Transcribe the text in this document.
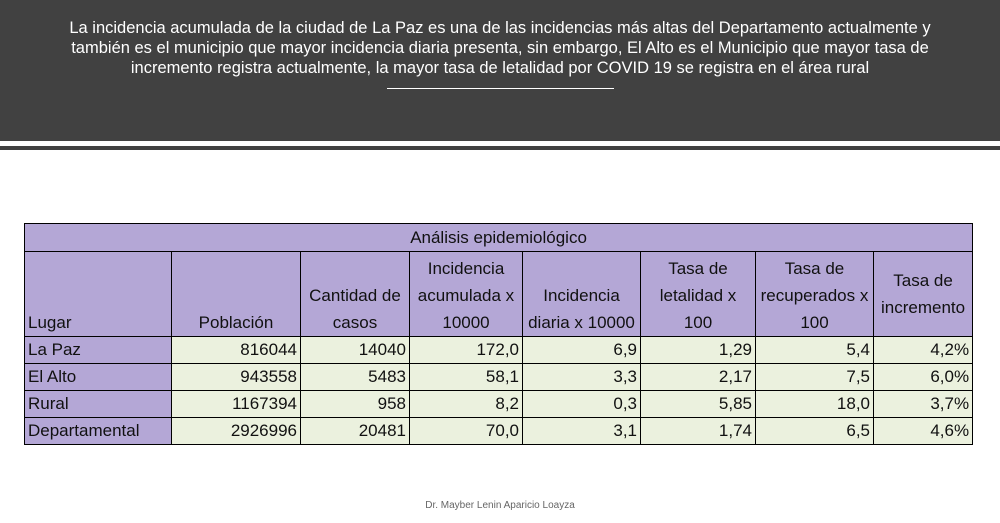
La incidencia acumulada de la ciudad de La Paz es una de las incidencias más altas del Departamento actualmente y también es el municipio que mayor incidencia diaria presenta, sin embargo, El Alto es el Municipio que mayor tasa de incremento registra actualmente, la mayor tasa de letalidad por COVID 19 se registra en el área rural
Análisis epidemiológico							
Lugar	Población	Cantidad de casos	Incidencia acumulada x 10000	Incidencia diaria x 10000	Tasa de letalidad x 100	Tasa de recuperados x 100	Tasa de incremento
La Paz	816044	14040	172,0	6,9	1,29	5,4	4,2%
El Alto	943558	5483	58,1	3,3	2,17	7,5	6,0%
Rural	1167394	958	8,2	0,3	5,85	18,0	3,7%
Departamental	2926996	20481	70,0	3,1	1,74	6,5	4,6%
Dr. Mayber Lenin Aparicio Loayza
